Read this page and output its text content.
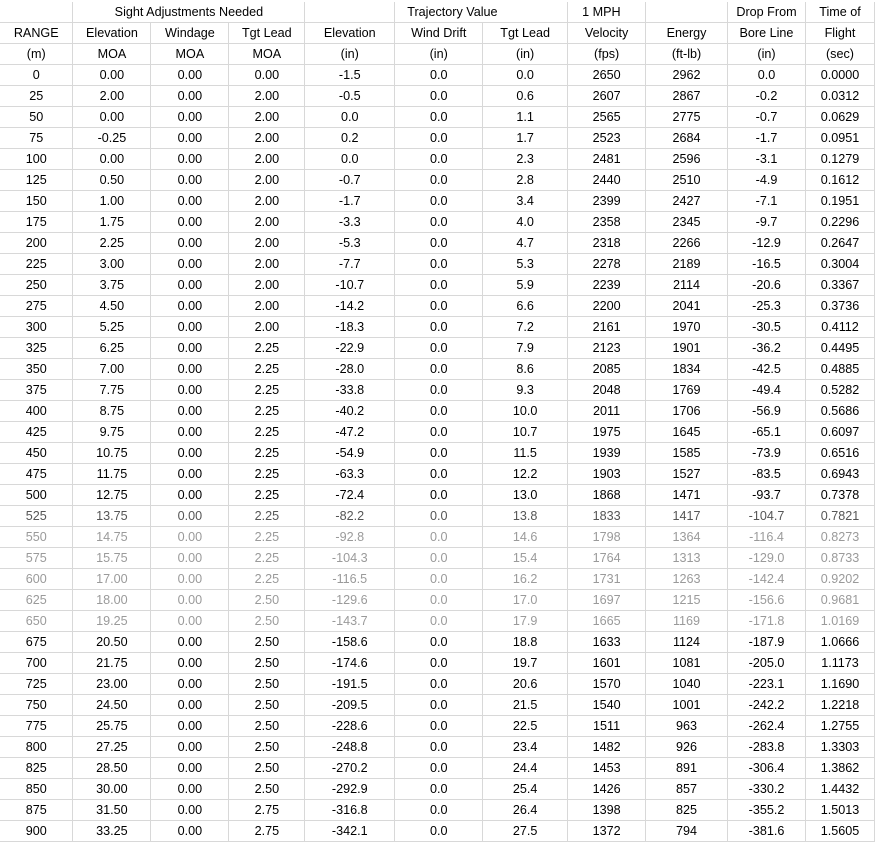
	Sight Adjustments Needed				Trajectory Value		1 MPH		Drop From	Time of
RANGE	Elevation	Windage	Tgt Lead	Elevation	Wind Drift	Tgt Lead	Velocity	Energy	Bore Line	Flight
(m)	MOA	MOA	MOA	(in)	(in)	(in)	(fps)	(ft-lb)	(in)	(sec)
0	0.00	0.00	0.00	-1.5	0.0	0.0	2650	2962	0.0	0.0000
25	2.00	0.00	2.00	-0.5	0.0	0.6	2607	2867	-0.2	0.0312
50	0.00	0.00	2.00	0.0	0.0	1.1	2565	2775	-0.7	0.0629
75	-0.25	0.00	2.00	0.2	0.0	1.7	2523	2684	-1.7	0.0951
100	0.00	0.00	2.00	0.0	0.0	2.3	2481	2596	-3.1	0.1279
125	0.50	0.00	2.00	-0.7	0.0	2.8	2440	2510	-4.9	0.1612
150	1.00	0.00	2.00	-1.7	0.0	3.4	2399	2427	-7.1	0.1951
175	1.75	0.00	2.00	-3.3	0.0	4.0	2358	2345	-9.7	0.2296
200	2.25	0.00	2.00	-5.3	0.0	4.7	2318	2266	-12.9	0.2647
225	3.00	0.00	2.00	-7.7	0.0	5.3	2278	2189	-16.5	0.3004
250	3.75	0.00	2.00	-10.7	0.0	5.9	2239	2114	-20.6	0.3367
275	4.50	0.00	2.00	-14.2	0.0	6.6	2200	2041	-25.3	0.3736
300	5.25	0.00	2.00	-18.3	0.0	7.2	2161	1970	-30.5	0.4112
325	6.25	0.00	2.25	-22.9	0.0	7.9	2123	1901	-36.2	0.4495
350	7.00	0.00	2.25	-28.0	0.0	8.6	2085	1834	-42.5	0.4885
375	7.75	0.00	2.25	-33.8	0.0	9.3	2048	1769	-49.4	0.5282
400	8.75	0.00	2.25	-40.2	0.0	10.0	2011	1706	-56.9	0.5686
425	9.75	0.00	2.25	-47.2	0.0	10.7	1975	1645	-65.1	0.6097
450	10.75	0.00	2.25	-54.9	0.0	11.5	1939	1585	-73.9	0.6516
475	11.75	0.00	2.25	-63.3	0.0	12.2	1903	1527	-83.5	0.6943
500	12.75	0.00	2.25	-72.4	0.0	13.0	1868	1471	-93.7	0.7378
525	13.75	0.00	2.25	-82.2	0.0	13.8	1833	1417	-104.7	0.7821
550	14.75	0.00	2.25	-92.8	0.0	14.6	1798	1364	-116.4	0.8273
575	15.75	0.00	2.25	-104.3	0.0	15.4	1764	1313	-129.0	0.8733
600	17.00	0.00	2.25	-116.5	0.0	16.2	1731	1263	-142.4	0.9202
625	18.00	0.00	2.50	-129.6	0.0	17.0	1697	1215	-156.6	0.9681
650	19.25	0.00	2.50	-143.7	0.0	17.9	1665	1169	-171.8	1.0169
675	20.50	0.00	2.50	-158.6	0.0	18.8	1633	1124	-187.9	1.0666
700	21.75	0.00	2.50	-174.6	0.0	19.7	1601	1081	-205.0	1.1173
725	23.00	0.00	2.50	-191.5	0.0	20.6	1570	1040	-223.1	1.1690
750	24.50	0.00	2.50	-209.5	0.0	21.5	1540	1001	-242.2	1.2218
775	25.75	0.00	2.50	-228.6	0.0	22.5	1511	963	-262.4	1.2755
800	27.25	0.00	2.50	-248.8	0.0	23.4	1482	926	-283.8	1.3303
825	28.50	0.00	2.50	-270.2	0.0	24.4	1453	891	-306.4	1.3862
850	30.00	0.00	2.50	-292.9	0.0	25.4	1426	857	-330.2	1.4432
875	31.50	0.00	2.75	-316.8	0.0	26.4	1398	825	-355.2	1.5013
900	33.25	0.00	2.75	-342.1	0.0	27.5	1372	794	-381.6	1.5605
